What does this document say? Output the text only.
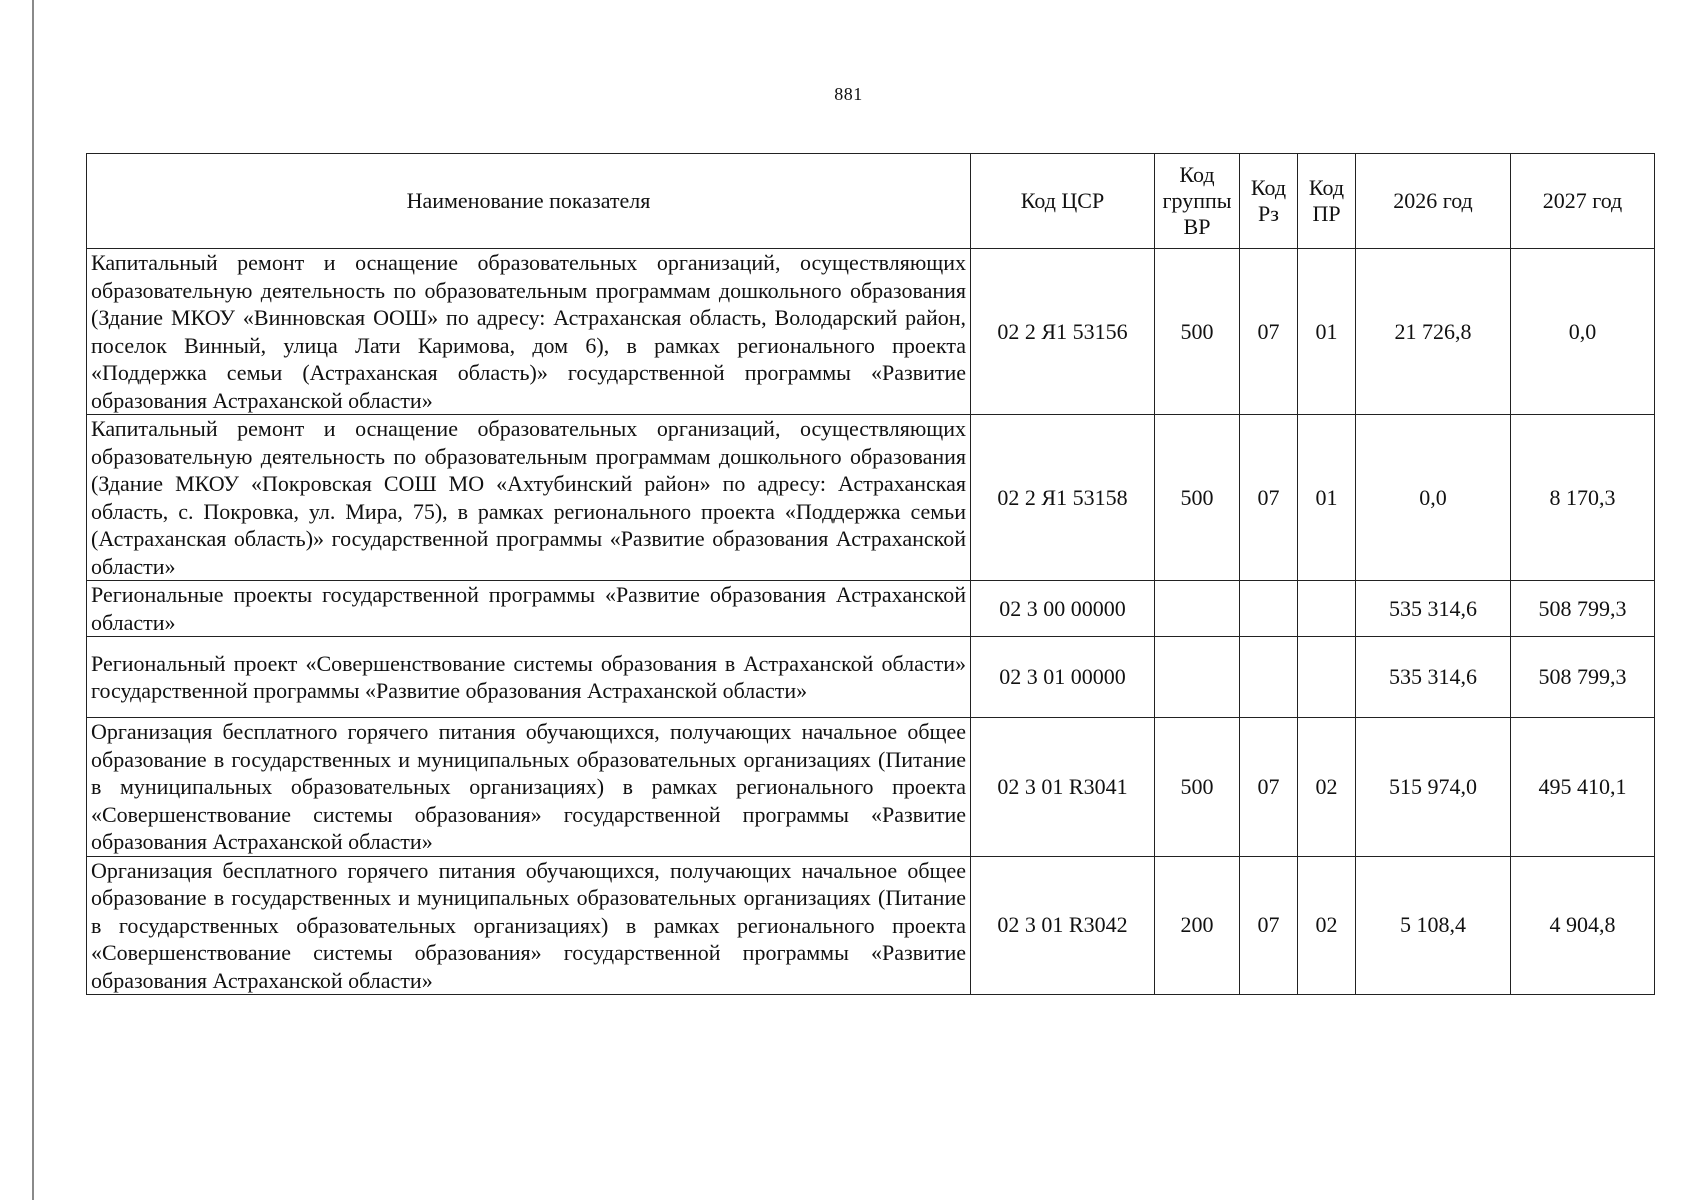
881
Наименование показателя	Код ЦСР	Код группы ВР	Код Рз	Код ПР	2026 год	2027 год
Капитальный ремонт и оснащение образовательных организаций, осуществляющих образовательную деятельность по образовательным программам дошкольного образования (Здание МКОУ «Винновская ООШ» по адресу: Астраханская область, Володарский район, поселок Винный, улица Лати Каримова, дом 6), в рамках регионального проекта «Поддержка семьи (Астраханская область)» государственной программы «Развитие образования Астраханской области»	02 2 Я1 53156	500	07	01	21 726,8	0,0
Капитальный ремонт и оснащение образовательных организаций, осуществляющих образовательную деятельность по образовательным программам дошкольного образования (Здание МКОУ «Покровская СОШ МО «Ахтубинский район» по адресу: Астраханская область, с. Покровка, ул. Мира, 75), в рамках регионального проекта «Поддержка семьи (Астраханская область)» государственной программы «Развитие образования Астраханской области»	02 2 Я1 53158	500	07	01	0,0	8 170,3
Региональные проекты государственной программы «Развитие образования Астраханской области»	02 3 00 00000				535 314,6	508 799,3
Региональный проект «Совершенствование системы образования в Астраханской области» государственной программы «Развитие образования Астраханской области»	02 3 01 00000				535 314,6	508 799,3
Организация бесплатного горячего питания обучающихся, получающих начальное общее образование в государственных и муниципальных образовательных организациях (Питание в муниципальных образовательных организациях) в рамках регионального проекта «Совершенствование системы образования» государственной программы «Развитие образования Астраханской области»	02 3 01 R3041	500	07	02	515 974,0	495 410,1
Организация бесплатного горячего питания обучающихся, получающих начальное общее образование в государственных и муниципальных образовательных организациях (Питание в государственных образовательных организациях) в рамках регионального проекта «Совершенствование системы образования» государственной программы «Развитие образования Астраханской области»	02 3 01 R3042	200	07	02	5 108,4	4 904,8
